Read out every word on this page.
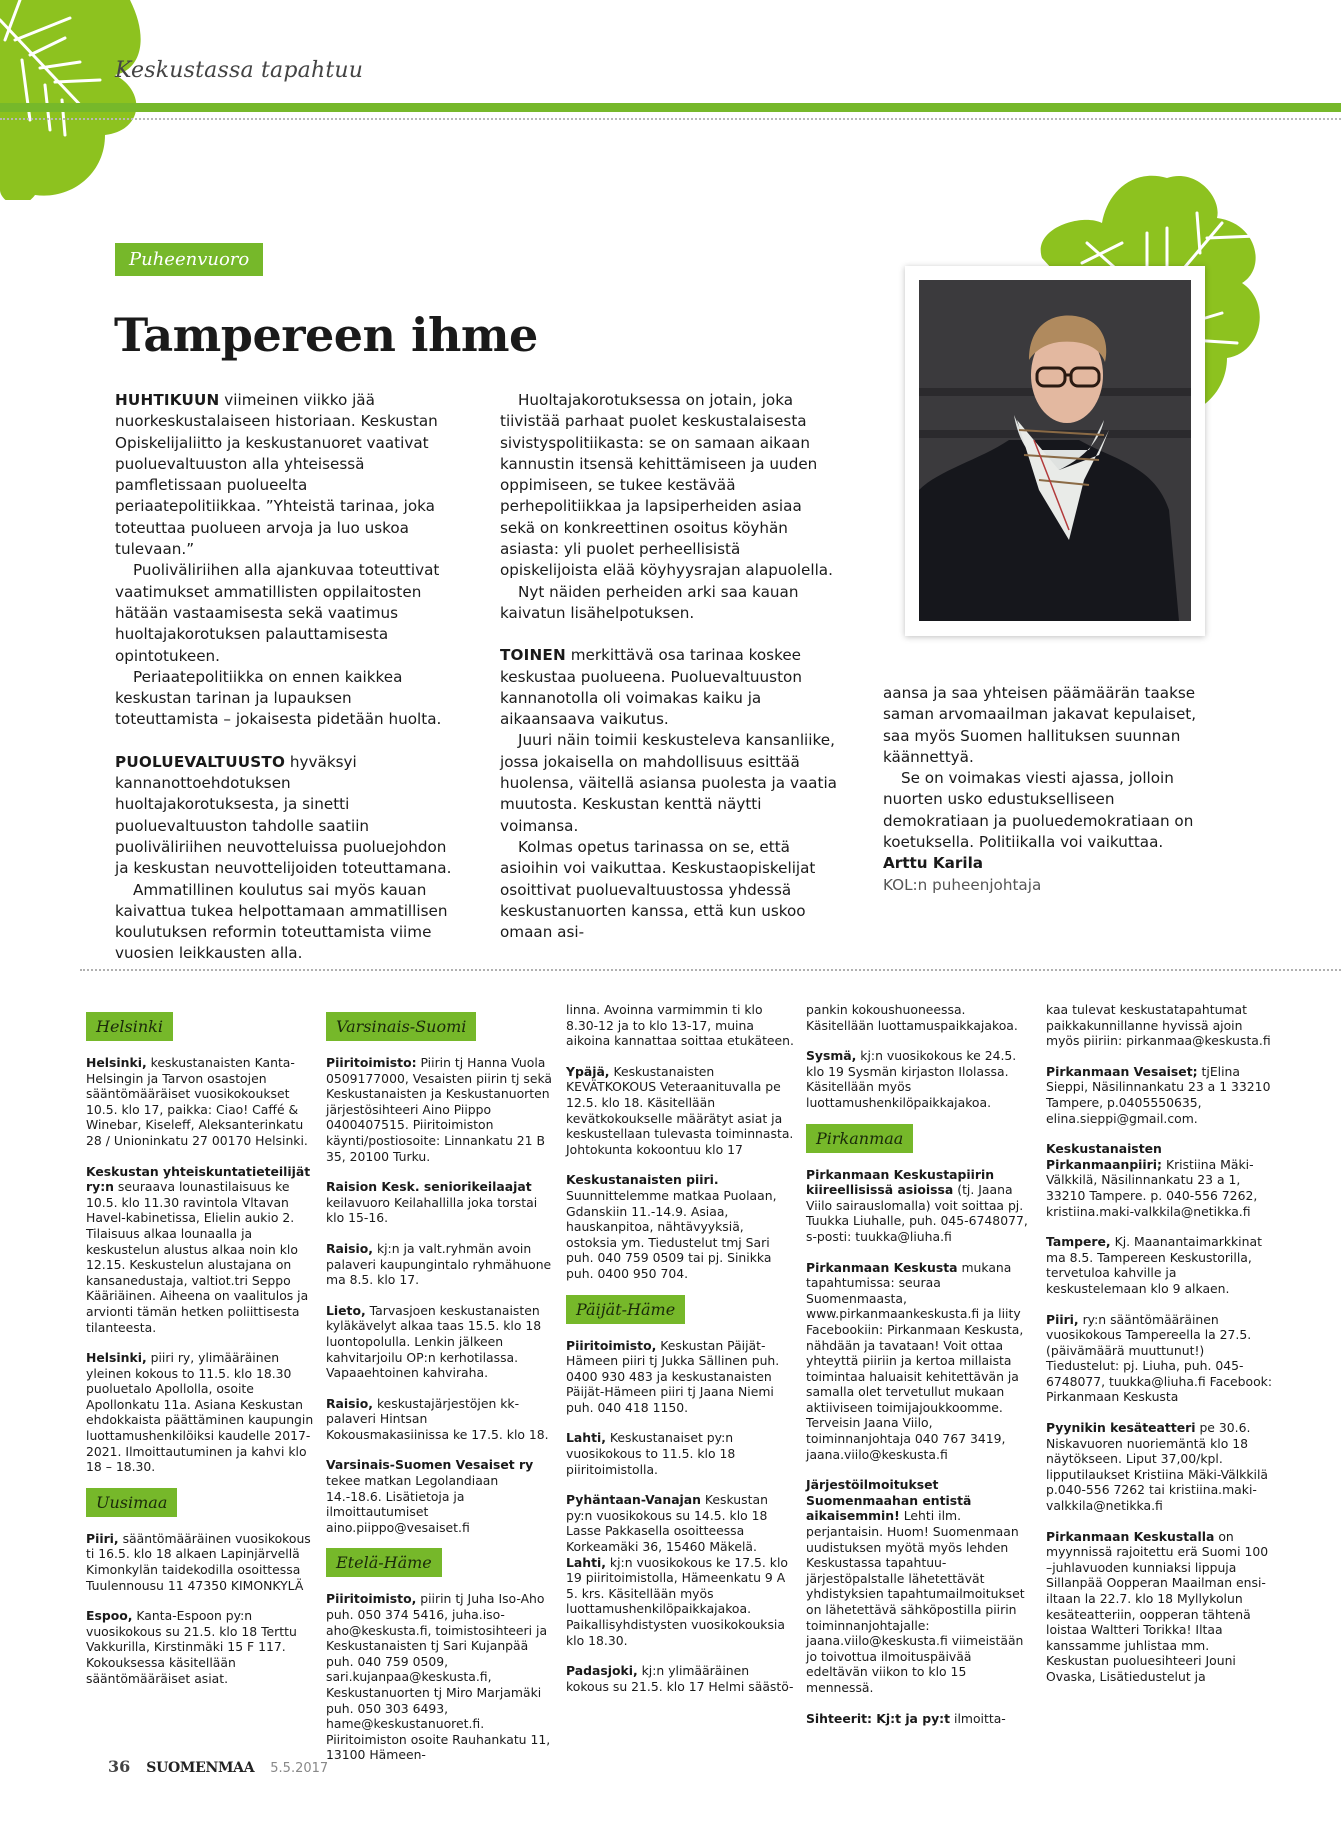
Keskustassa tapahtuu
Puheenvuoro
Tampereen ihme

HUHTIKUUN viimeinen viikko jää nuorkeskustalaiseen historiaan. Keskustan Opiskelijaliitto ja keskustanuoret vaativat puoluevaltuuston alla yhteisessä pamfletissaan puolueelta periaatepolitiikkaa. ”Yhteistä tarinaa, joka toteuttaa puolueen arvoja ja luo uskoa tulevaan.”

Puoliväliriihen alla ajankuvaa toteuttivat vaatimukset ammatillisten oppilaitosten hätään vastaamisesta sekä vaatimus huoltajakorotuksen palauttamisesta opintotukeen.

Periaatepolitiikka on ennen kaikkea keskustan tarinan ja lupauksen toteuttamista – jokaisesta pidetään huolta.

PUOLUEVALTUUSTO hyväksyi kannanottoehdotuksen huoltajakorotuksesta, ja sinetti puoluevaltuuston tahdolle saatiin puoliväliriihen neuvotteluissa puoluejohdon ja keskustan neuvottelijoiden toteuttamana.

Ammatillinen koulutus sai myös kauan kaivattua tukea helpottamaan ammatillisen koulutuksen reformin toteuttamista viime vuosien leikkausten alla.

Huoltajakorotuksessa on jotain, joka tiivistää parhaat puolet keskustalaisesta sivistyspolitiikasta: se on samaan aikaan kannustin itsensä kehittämiseen ja uuden oppimiseen, se tukee kestävää perhepolitiikkaa ja lapsiperheiden asiaa sekä on konkreettinen osoitus köyhän asiasta: yli puolet perheellisistä opiskelijoista elää köyhyysrajan alapuolella.

Nyt näiden perheiden arki saa kauan kaivatun lisähelpotuksen.

TOINEN merkittävä osa tarinaa koskee keskustaa puolueena. Puoluevaltuuston kannanotolla oli voimakas kaiku ja aikaansaava vaikutus.

Juuri näin toimii keskusteleva kansanliike, jossa jokaisella on mahdollisuus esittää huolensa, väitellä asiansa puolesta ja vaatia muutosta. Keskustan kenttä näytti voimansa.

Kolmas opetus tarinassa on se, että asioihin voi vaikuttaa. Keskustaopiskelijat osoittivat puoluevaltuustossa yhdessä keskustanuorten kanssa, että kun uskoo omaan asi-

aansa ja saa yhteisen päämäärän taakse saman arvomaailman jakavat kepulaiset, saa myös Suomen hallituksen suunnan käännettyä.

Se on voimakas viesti ajassa, jolloin nuorten usko edustukselliseen demokratiaan ja puoluedemokratiaan on koetuksella. Politiikalla voi vaikuttaa.

Arttu Karila

KOL:n puheenjohtaja

Helsinki
Helsinki, keskustanaisten Kanta-Helsingin ja Tarvon osastojen sääntömääräiset vuosikokoukset 10.5. klo 17, paikka: Ciao! Caffé & Winebar, Kiseleff, Aleksanterinkatu 28 / Unioninkatu 27 00170 Helsinki.
Keskustan yhteiskuntatieteilijät ry:n seuraava lounastilaisuus ke 10.5. klo 11.30 ravintola Vltavan Havel-kabinetissa, Elielin aukio 2. Tilaisuus alkaa lounaalla ja keskustelun alustus alkaa noin klo 12.15. Keskustelun alustajana on kansanedustaja, valtiot.tri Seppo Kääriäinen. Aiheena on vaalitulos ja arvionti tämän hetken poliittisesta tilanteesta.
Helsinki, piiri ry, ylimääräinen yleinen kokous to 11.5. klo 18.30 puoluetalo Apollolla, osoite Apollonkatu 11a. Asiana Keskustan ehdokkaista päättäminen kaupungin luottamushenkilöiksi kaudelle 2017-2021. Ilmoittautuminen ja kahvi klo 18 – 18.30.
Uusimaa
Piiri, sääntömääräinen vuosikokous ti 16.5. klo 18 alkaen Lapinjärvellä Kimonkylän taidekodilla osoittessa Tuulennousu 11 47350 KIMONKYLÄ
Espoo, Kanta-Espoon py:n vuosikokous su 21.5. klo 18 Terttu Vakkurilla, Kirstinmäki 15 F 117. Kokouksessa käsitellään sääntömääräiset asiat.
Varsinais-Suomi
Piiritoimisto: Piirin tj Hanna Vuola 0509177000, Vesaisten piirin tj sekä Keskustanaisten ja Keskustanuorten järjestösihteeri Aino Piippo 0400407515. Piiritoimiston käynti/postiosoite: Linnankatu 21 B 35, 20100 Turku.
Raision Kesk. seniorikeilaajat keilavuoro Keilahallilla joka torstai klo 15-16.
Raisio, kj:n ja valt.ryhmän avoin palaveri kaupungintalo ryhmähuone ma 8.5. klo 17.
Lieto, Tarvasjoen keskustanaisten kyläkävelyt alkaa taas 15.5. klo 18 luontopolulla. Lenkin jälkeen kahvitarjoilu OP:n kerhotilassa. Vapaaehtoinen kahviraha.
Raisio, keskustajärjestöjen kk-palaveri Hintsan Kokousmakasiinissa ke 17.5. klo 18.
Varsinais-Suomen Vesaiset ry tekee matkan Legolandiaan 14.-18.6. Lisätietoja ja ilmoittautumiset aino.piippo@vesaiset.fi
Etelä-Häme
Piiritoimisto, piirin tj Juha Iso-Aho puh. 050 374 5416, juha.iso-aho@keskusta.fi, toimistosihteeri ja Keskustanaisten tj Sari Kujanpää puh. 040 759 0509, sari.kujanpaa@keskusta.fi, Keskustanuorten tj Miro Marjamäki puh. 050 303 6493, hame@keskustanuoret.fi. Piiritoimiston osoite Rauhankatu 11, 13100 Hämeen-
linna. Avoinna varmimmin ti klo 8.30-12 ja to klo 13-17, muina aikoina kannattaa soittaa etukäteen.
Ypäjä, Keskustanaisten KEVÄTKOKOUS Veteraanituvalla pe 12.5. klo 18. Käsitellään kevätkokoukselle määrätyt asiat ja keskustellaan tulevasta toiminnasta. Johtokunta kokoontuu klo 17
Keskustanaisten piiri. Suunnittelemme matkaa Puolaan, Gdanskiin 11.-14.9. Asiaa, hauskanpitoa, nähtävyyksiä, ostoksia ym. Tiedustelut tmj Sari puh. 040 759 0509 tai pj. Sinikka puh. 0400 950 704.
Päijät-Häme
Piiritoimisto, Keskustan Päijät-Hämeen piiri tj Jukka Sällinen puh. 0400 930 483 ja keskustanaisten Päijät-Hämeen piiri tj Jaana Niemi puh. 040 418 1150.
Lahti, Keskustanaiset py:n vuosikokous to 11.5. klo 18 piiritoimistolla.
Pyhäntaan-Vanajan Keskustan py:n vuosikokous su 14.5. klo 18 Lasse Pakkasella osoitteessa Korkeamäki 36, 15460 Mäkelä.
Lahti, kj:n vuosikokous ke 17.5. klo 19 piiritoimistolla, Hämeenkatu 9 A 5. krs. Käsitellään myös luottamushenkilöpaikkajakoa. Paikallisyhdistysten vuosikokouksia klo 18.30.
Padasjoki, kj:n ylimääräinen kokous su 21.5. klo 17 Helmi säästö-
pankin kokoushuoneessa. Käsitellään luottamuspaikkajakoa.
Sysmä, kj:n vuosikokous ke 24.5. klo 19 Sysmän kirjaston Ilolassa. Käsitellään myös luottamushenkilöpaikkajakoa.
Pirkanmaa
Pirkanmaan Keskustapiirin kiireellisissä asioissa (tj. Jaana Viilo sairauslomalla) voit soittaa pj. Tuukka Liuhalle, puh. 045-6748077, s-posti: tuukka@liuha.fi
Pirkanmaan Keskusta mukana tapahtumissa: seuraa Suomenmaasta, www.pirkanmaankeskusta.fi ja liity Facebookiin: Pirkanmaan Keskusta, nähdään ja tavataan! Voit ottaa yhteyttä piiriin ja kertoa millaista toimintaa haluaisit kehitettävän ja samalla olet tervetullut mukaan aktiiviseen toimijajoukkoomme. Terveisin Jaana Viilo, toiminnanjohtaja 040 767 3419, jaana.viilo@keskusta.fi
Järjestöilmoitukset Suomenmaahan entistä aikaisemmin! Lehti ilm. perjantaisin. Huom! Suomenmaan uudistuksen myötä myös lehden Keskustassa tapahtuu-järjestöpalstalle lähetettävät yhdistyksien tapahtumailmoitukset on lähetettävä sähköpostilla piirin toiminnanjohtajalle: jaana.viilo@keskusta.fi viimeistään jo toivottua ilmoituspäivää edeltävän viikon to klo 15 mennessä.
Sihteerit: Kj:t ja py:t ilmoitta-
kaa tulevat keskustatapahtumat paikkakunnillanne hyvissä ajoin myös piiriin: pirkanmaa@keskusta.fi
Pirkanmaan Vesaiset; tjElina Sieppi, Näsilinnankatu 23 a 1 33210 Tampere, p.0405550635, elina.sieppi@gmail.com.
Keskustanaisten Pirkanmaanpiiri; Kristiina Mäki-Välkkilä, Näsilinnankatu 23 a 1, 33210 Tampere. p. 040-556 7262, kristiina.maki-valkkila@netikka.fi
Tampere, Kj. Maanantaimarkkinat ma 8.5. Tampereen Keskustorilla, tervetuloa kahville ja keskustelemaan klo 9 alkaen.
Piiri, ry:n sääntömääräinen vuosikokous Tampereella la 27.5. (päivämäärä muuttunut!) Tiedustelut: pj. Liuha, puh. 045-6748077, tuukka@liuha.fi Facebook: Pirkanmaan Keskusta
Pyynikin kesäteatteri pe 30.6. Niskavuoren nuoriemäntä klo 18 näytökseen. Liput 37,00/kpl. lipputilaukset Kristiina Mäki-Välkkilä p.040-556 7262 tai kristiina.maki-valkkila@netikka.fi
Pirkanmaan Keskustalla on myynnissä rajoitettu erä Suomi 100 –juhlavuoden kunniaksi lippuja Sillanpää Oopperan Maailman ensi-iltaan la 22.7. klo 18 Myllykolun kesäteatteriin, oopperan tähtenä loistaa Waltteri Torikka! Iltaa kanssamme juhlistaa mm. Keskustan puoluesihteeri Jouni Ovaska, Lisätiedustelut ja
36 SUOMENMAA 5.5.2017
